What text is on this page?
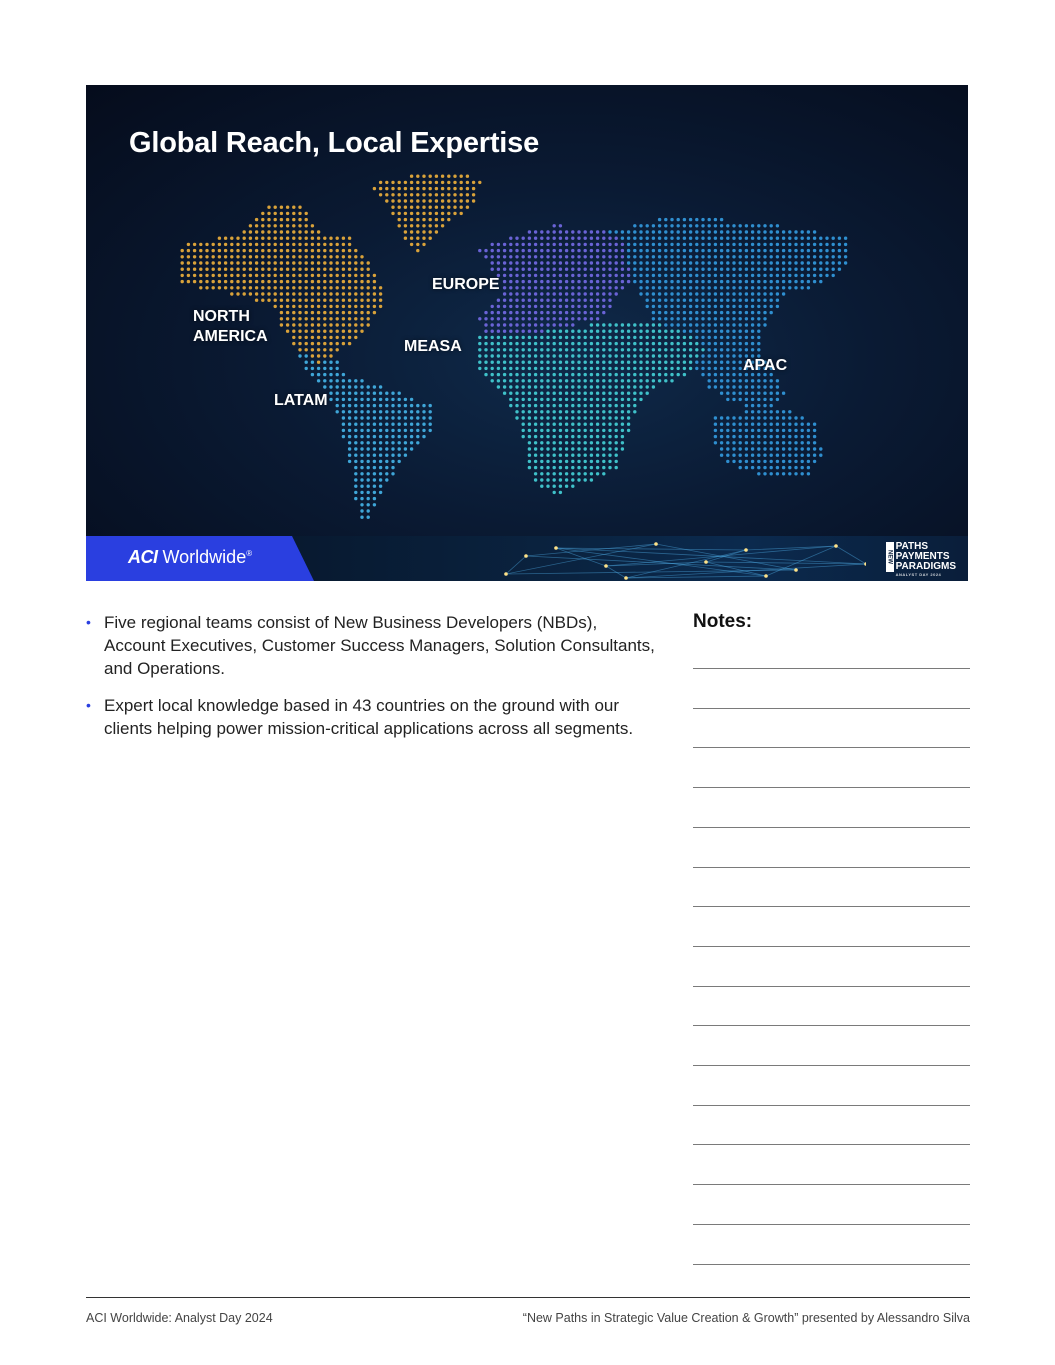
Global Reach, Local Expertise
NORTH
AMERICA
LATAM
EUROPE
MEASA
APAC
ACI Worldwide®	NEW
PATHS
PAYMENTS
PARADIGMS
ANALYST DAY 2024
• Five regional teams consist of New Business Developers (NBDs), Account Executives, Customer Success Managers, Solution Consultants, and Operations.
• Expert local knowledge based in 43 countries on the ground with our clients helping power mission-critical applications across all segments.
Notes:
ACI Worldwide: Analyst Day 2024	“New Paths in Strategic Value Creation & Growth” presented by Alessandro Silva
